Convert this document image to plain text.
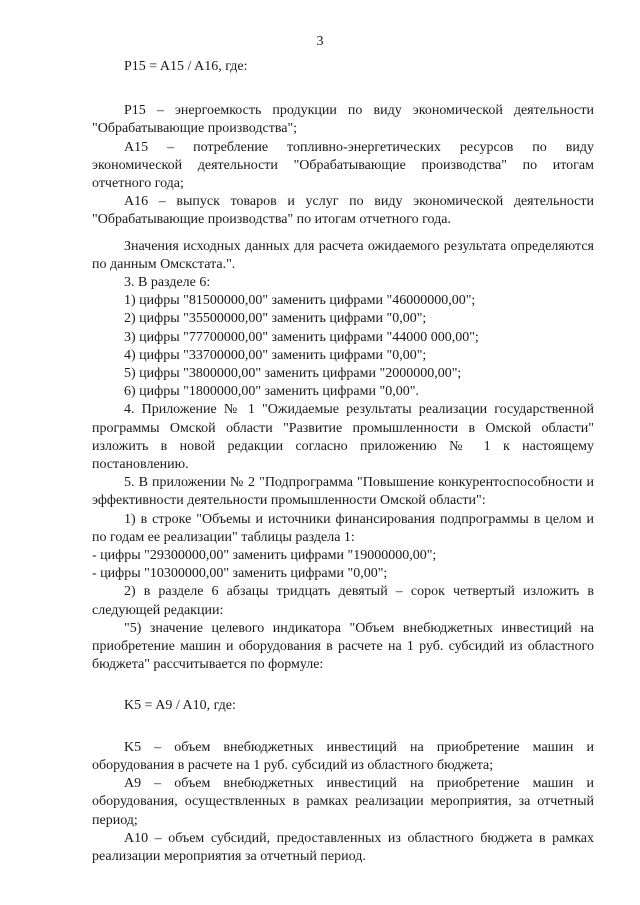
3

P15 = A15 / A16, где:

P15 – энергоемкость продукции по виду экономической деятельности "Обрабатывающие производства";

A15 – потребление топливно-энергетических ресурсов по виду экономической деятельности "Обрабатывающие производства" по итогам отчетного года;

A16 – выпуск товаров и услуг по виду экономической деятельности "Обрабатывающие производства" по итогам отчетного года.

Значения исходных данных для расчета ожидаемого результата определяются по данным Омскстата.".

3. В разделе 6:

1) цифры "81500000,00" заменить цифрами "46000000,00";

2) цифры "35500000,00" заменить цифрами "0,00";

3) цифры "77700000,00" заменить цифрами "44000 000,00";

4) цифры "33700000,00" заменить цифрами "0,00";

5) цифры "3800000,00" заменить цифрами "2000000,00";

6) цифры "1800000,00" заменить цифрами "0,00".

4. Приложение № 1 "Ожидаемые результаты реализации государственной программы Омской области "Развитие промышленности в Омской области" изложить в новой редакции согласно приложению № 1 к настоящему постановлению.

5. В приложении № 2 "Подпрограмма "Повышение конкурентоспособности и эффективности деятельности промышленности Омской области":

1) в строке "Объемы и источники финансирования подпрограммы в целом и по годам ее реализации" таблицы раздела 1:

- цифры "29300000,00" заменить цифрами "19000000,00";

- цифры "10300000,00" заменить цифрами "0,00";

2) в разделе 6 абзацы тридцать девятый – сорок четвертый изложить в следующей редакции:

"5) значение целевого индикатора "Объем внебюджетных инвестиций на приобретение машин и оборудования в расчете на 1 руб. субсидий из областного бюджета" рассчитывается по формуле:

K5 = A9 / A10, где:

K5 – объем внебюджетных инвестиций на приобретение машин и оборудования в расчете на 1 руб. субсидий из областного бюджета;

A9 – объем внебюджетных инвестиций на приобретение машин и оборудования, осуществленных в рамках реализации мероприятия, за отчетный период;

A10 – объем субсидий, предоставленных из областного бюджета в рамках реализации мероприятия за отчетный период.
